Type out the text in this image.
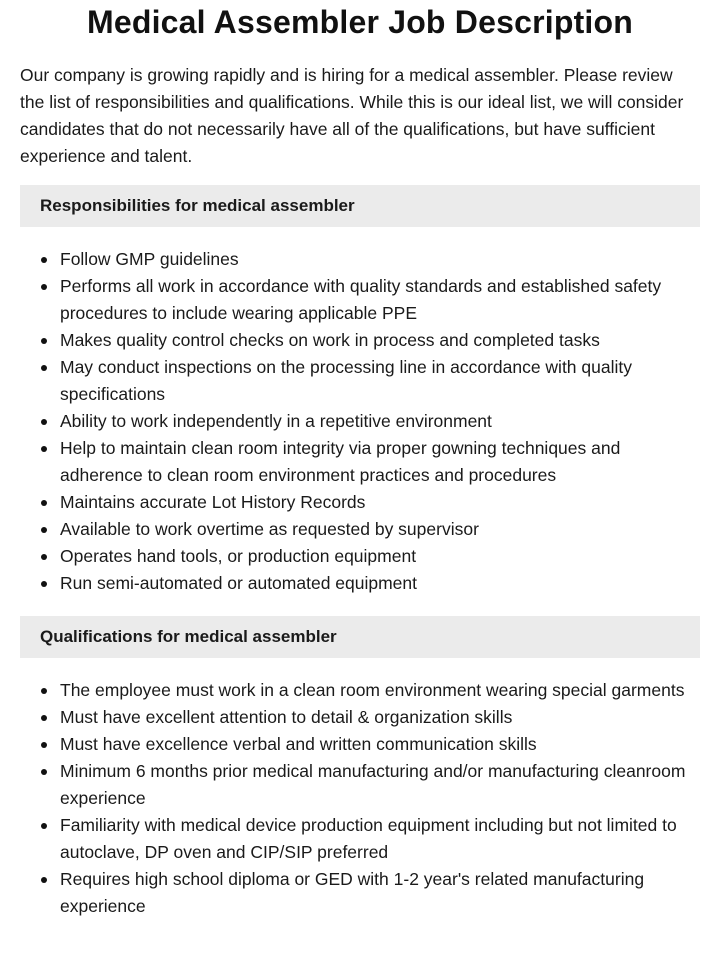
Medical Assembler Job Description

Our company is growing rapidly and is hiring for a medical assembler. Please review the list of responsibilities and qualifications. While this is our ideal list, we will consider candidates that do not necessarily have all of the qualifications, but have sufficient experience and talent.

Responsibilities for medical assembler
Follow GMP guidelines
Performs all work in accordance with quality standards and established safety procedures to include wearing applicable PPE
Makes quality control checks on work in process and completed tasks
May conduct inspections on the processing line in accordance with quality specifications
Ability to work independently in a repetitive environment
Help to maintain clean room integrity via proper gowning techniques and adherence to clean room environment practices and procedures
Maintains accurate Lot History Records
Available to work overtime as requested by supervisor
Operates hand tools, or production equipment
Run semi-automated or automated equipment
Qualifications for medical assembler
The employee must work in a clean room environment wearing special garments
Must have excellent attention to detail & organization skills
Must have excellence verbal and written communication skills
Minimum 6 months prior medical manufacturing and/or manufacturing cleanroom experience
Familiarity with medical device production equipment including but not limited to autoclave, DP oven and CIP/SIP preferred
Requires high school diploma or GED with 1-2 year's related manufacturing experience
